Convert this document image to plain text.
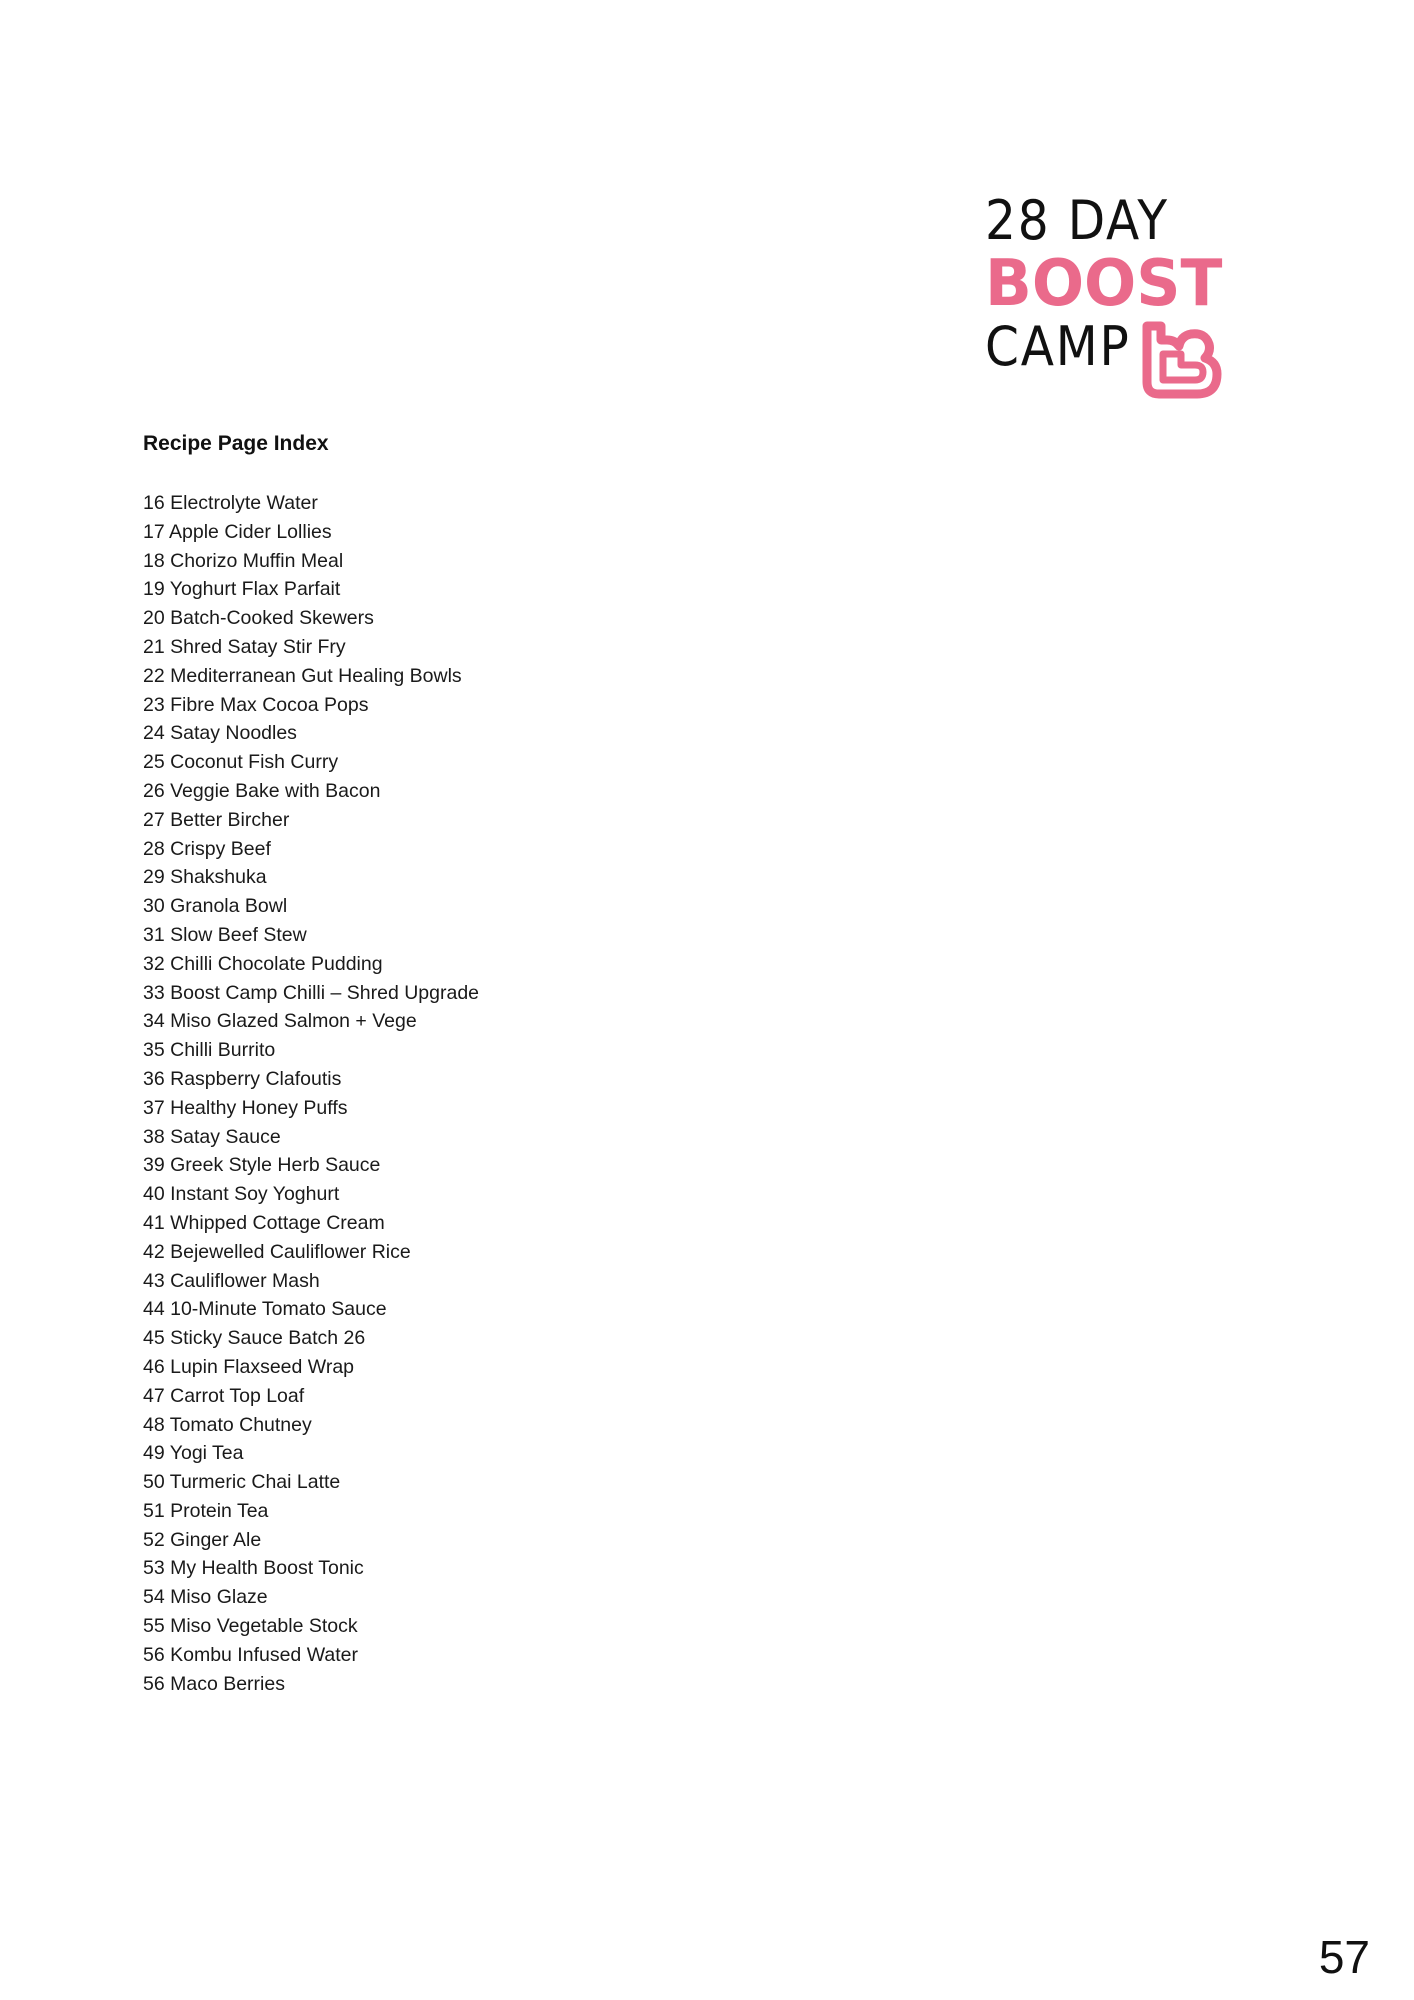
28 DAY
BOOST
CAMP
Recipe Page Index
16 Electrolyte Water
17 Apple Cider Lollies
18 Chorizo Muffin Meal
19 Yoghurt Flax Parfait
20 Batch-Cooked Skewers
21 Shred Satay Stir Fry
22 Mediterranean Gut Healing Bowls
23 Fibre Max Cocoa Pops
24 Satay Noodles
25 Coconut Fish Curry
26 Veggie Bake with Bacon
27 Better Bircher
28 Crispy Beef
29 Shakshuka
30 Granola Bowl
31 Slow Beef Stew
32 Chilli Chocolate Pudding
33 Boost Camp Chilli – Shred Upgrade
34 Miso Glazed Salmon + Vege
35 Chilli Burrito
36 Raspberry Clafoutis
37 Healthy Honey Puffs
38 Satay Sauce
39 Greek Style Herb Sauce
40 Instant Soy Yoghurt
41 Whipped Cottage Cream
42 Bejewelled Cauliflower Rice
43 Cauliflower Mash
44 10-Minute Tomato Sauce
45 Sticky Sauce Batch 26
46 Lupin Flaxseed Wrap
47 Carrot Top Loaf
48 Tomato Chutney
49 Yogi Tea
50 Turmeric Chai Latte
51 Protein Tea
52 Ginger Ale
53 My Health Boost Tonic
54 Miso Glaze
55 Miso Vegetable Stock
56 Kombu Infused Water
56 Maco Berries
57
